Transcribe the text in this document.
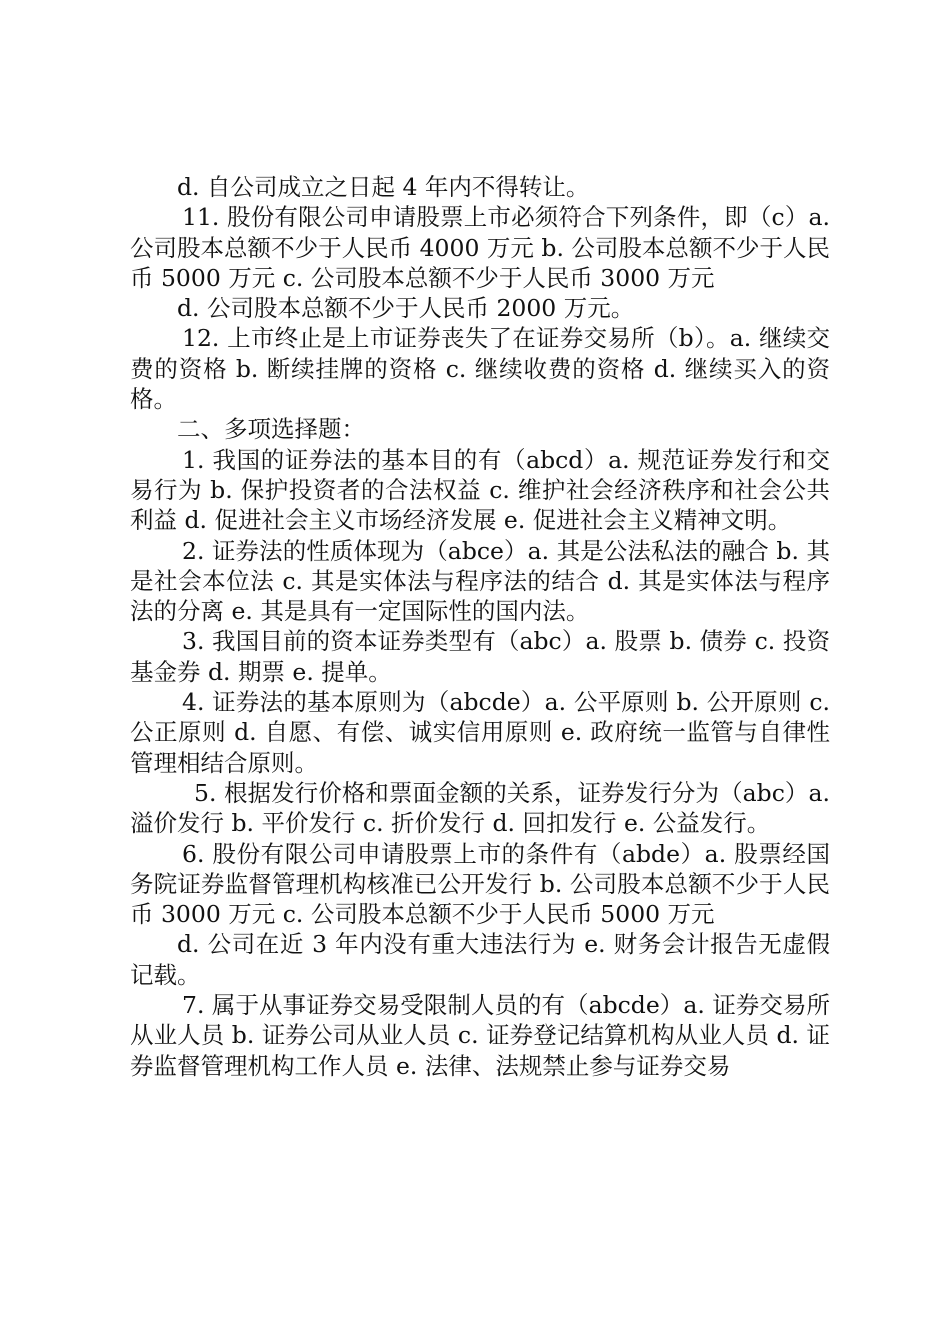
d. 自公司成立之日起 4 年内不得转让。

11. 股份有限公司申请股票上市必须符合下列条件，即（c）a. 公司股本总额不少于人民币 4000 万元 b. 公司股本总额不少于人民币 5000 万元 c. 公司股本总额不少于人民币 3000 万元

d. 公司股本总额不少于人民币 2000 万元。

12. 上市终止是上市证券丧失了在证券交易所（b）。a. 继续交费的资格 b. 断续挂牌的资格 c. 继续收费的资格 d. 继续买入的资格。

二、多项选择题：

1. 我国的证券法的基本目的有（abcd）a. 规范证券发行和交易行为 b. 保护投资者的合法权益 c. 维护社会经济秩序和社会公共利益 d. 促进社会主义市场经济发展 e. 促进社会主义精神文明。

2. 证券法的性质体现为（abce）a. 其是公法私法的融合 b. 其是社会本位法 c. 其是实体法与程序法的结合 d. 其是实体法与程序法的分离 e. 其是具有一定国际性的国内法。

3. 我国目前的资本证券类型有（abc）a. 股票 b. 债券 c. 投资基金券 d. 期票 e. 提单。

4. 证券法的基本原则为（abcde）a. 公平原则 b. 公开原则 c. 公正原则 d. 自愿、有偿、诚实信用原则 e. 政府统一监管与自律性管理相结合原则。

5. 根据发行价格和票面金额的关系，证券发行分为（abc）a. 溢价发行 b. 平价发行 c. 折价发行 d. 回扣发行 e. 公益发行。

6. 股份有限公司申请股票上市的条件有（abde）a. 股票经国务院证券监督管理机构核准已公开发行 b. 公司股本总额不少于人民币 3000 万元 c. 公司股本总额不少于人民币 5000 万元

d. 公司在近 3 年内没有重大违法行为 e. 财务会计报告无虚假记载。

7. 属于从事证券交易受限制人员的有（abcde）a. 证券交易所从业人员 b. 证券公司从业人员 c. 证券登记结算机构从业人员 d. 证券监督管理机构工作人员 e. 法律、法规禁止参与证券交易
